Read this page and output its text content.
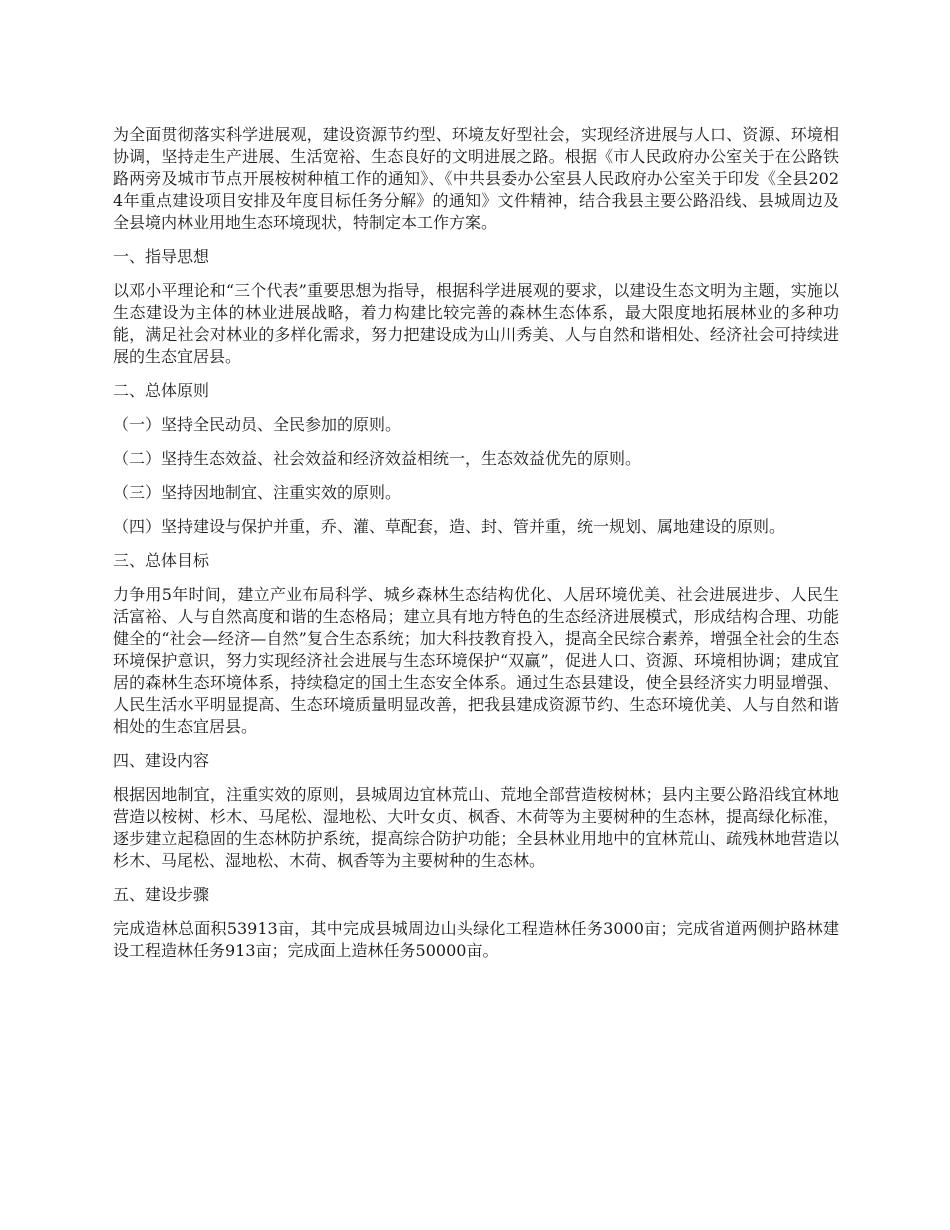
为全面贯彻落实科学进展观，建设资源节约型、环境友好型社会，实现经济进展与人口、资源、环境相协调，坚持走生产进展、生活宽裕、生态良好的文明进展之路。根据《市人民政府办公室关于在公路铁路两旁及城市节点开展桉树种植工作的通知》、《中共县委办公室县人民政府办公室关于印发《全县2024年重点建设项目安排及年度目标任务分解》的通知》文件精神，结合我县主要公路沿线、县城周边及全县境内林业用地生态环境现状，特制定本工作方案。

一、指导思想

以邓小平理论和“三个代表”重要思想为指导，根据科学进展观的要求，以建设生态文明为主题，实施以生态建设为主体的林业进展战略，着力构建比较完善的森林生态体系，最大限度地拓展林业的多种功能，满足社会对林业的多样化需求，努力把建设成为山川秀美、人与自然和谐相处、经济社会可持续进展的生态宜居县。

二、总体原则

（一）坚持全民动员、全民参加的原则。

（二）坚持生态效益、社会效益和经济效益相统一，生态效益优先的原则。

（三）坚持因地制宜、注重实效的原则。

（四）坚持建设与保护并重，乔、灌、草配套，造、封、管并重，统一规划、属地建设的原则。

三、总体目标

力争用5年时间，建立产业布局科学、城乡森林生态结构优化、人居环境优美、社会进展进步、人民生活富裕、人与自然高度和谐的生态格局；建立具有地方特色的生态经济进展模式，形成结构合理、功能健全的“社会—经济—自然”复合生态系统；加大科技教育投入，提高全民综合素养，增强全社会的生态环境保护意识，努力实现经济社会进展与生态环境保护“双赢”，促进人口、资源、环境相协调；建成宜居的森林生态环境体系，持续稳定的国土生态安全体系。通过生态县建设，使全县经济实力明显增强、人民生活水平明显提高、生态环境质量明显改善，把我县建成资源节约、生态环境优美、人与自然和谐相处的生态宜居县。

四、建设内容

根据因地制宜，注重实效的原则，县城周边宜林荒山、荒地全部营造桉树林；县内主要公路沿线宜林地营造以桉树、杉木、马尾松、湿地松、大叶女贞、枫香、木荷等为主要树种的生态林，提高绿化标准，逐步建立起稳固的生态林防护系统，提高综合防护功能；全县林业用地中的宜林荒山、疏残林地营造以杉木、马尾松、湿地松、木荷、枫香等为主要树种的生态林。

五、建设步骤

完成造林总面积53913亩，其中完成县城周边山头绿化工程造林任务3000亩；完成省道两侧护路林建设工程造林任务913亩；完成面上造林任务50000亩。
